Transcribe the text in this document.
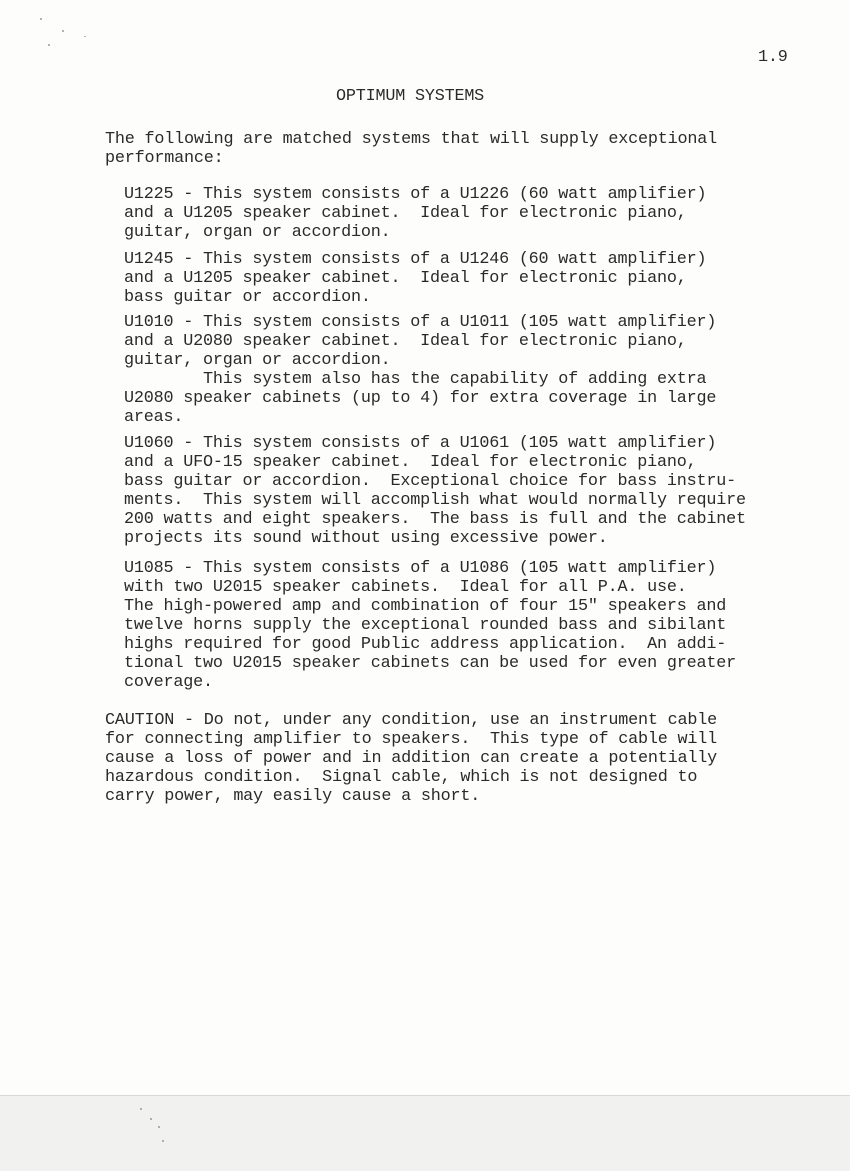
1.9
OPTIMUM SYSTEMS
The following are matched systems that will supply exceptional
performance:
U1225 - This system consists of a U1226 (60 watt amplifier)
and a U1205 speaker cabinet.  Ideal for electronic piano,
guitar, organ or accordion.
U1245 - This system consists of a U1246 (60 watt amplifier)
and a U1205 speaker cabinet.  Ideal for electronic piano,
bass guitar or accordion.
U1010 - This system consists of a U1011 (105 watt amplifier)
and a U2080 speaker cabinet.  Ideal for electronic piano,
guitar, organ or accordion.
This system also has the capability of adding extra
U2080 speaker cabinets (up to 4) for extra coverage in large
areas.
U1060 - This system consists of a U1061 (105 watt amplifier)
and a UFO-15 speaker cabinet.  Ideal for electronic piano,
bass guitar or accordion.  Exceptional choice for bass instru-
ments.  This system will accomplish what would normally require
200 watts and eight speakers.  The bass is full and the cabinet
projects its sound without using excessive power.
U1085 - This system consists of a U1086 (105 watt amplifier)
with two U2015 speaker cabinets.  Ideal for all P.A. use.
The high-powered amp and combination of four 15" speakers and
twelve horns supply the exceptional rounded bass and sibilant
highs required for good Public address application.  An addi-
tional two U2015 speaker cabinets can be used for even greater
coverage.
CAUTION - Do not, under any condition, use an instrument cable
for connecting amplifier to speakers.  This type of cable will
cause a loss of power and in addition can create a potentially
hazardous condition.  Signal cable, which is not designed to
carry power, may easily cause a short.
